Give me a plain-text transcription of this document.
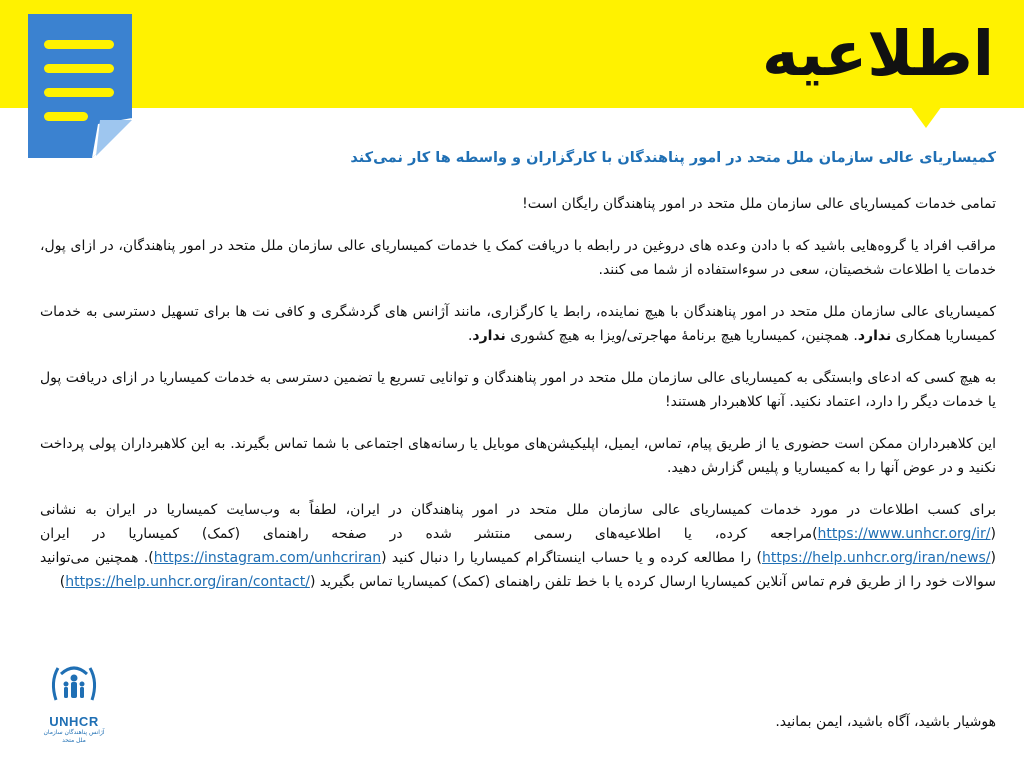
اطلاعیه

کمیساریای عالی سازمان ملل متحد در امور پناهندگان با کارگزاران و واسطه ها کار نمی‌کند

تمامی خدمات کمیساریای عالی سازمان ملل متحد در امور پناهندگان رایگان است!

مراقب افراد یا گروه‌هایی باشید که با دادن وعده های دروغین در رابطه با دریافت کمک یا خدمات کمیساریای عالی سازمان ملل متحد در امور پناهندگان، در ازای پول، خدمات یا اطلاعات شخصیتان، سعی در سوءاستفاده از شما می کنند.

کمیساریای عالی سازمان ملل متحد در امور پناهندگان با هیچ نماینده، رابط یا کارگزاری، مانند آژانس های گردشگری و کافی نت ها برای تسهیل دسترسی به خدمات کمیساریا همکاری ندارد. همچنین، کمیساریا هیچ برنامهٔ مهاجرتی/ویزا به هیچ کشوری ندارد.

به هیچ کسی که ادعای وابستگی به کمیساریای عالی سازمان ملل متحد در امور پناهندگان و توانایی تسریع یا تضمین دسترسی به خدمات کمیساریا در ازای دریافت پول یا خدمات دیگر را دارد، اعتماد نکنید. آنها کلاهبردار هستند!

این کلاهبرداران ممکن است حضوری یا از طریق پیام، تماس، ایمیل، اپلیکیشن‌های موبایل یا رسانه‌های اجتماعی با شما تماس بگیرند. به این کلاهبرداران پولی پرداخت نکنید و در عوض آنها را به کمیساریا و پلیس گزارش دهید.

برای کسب اطلاعات در مورد خدمات کمیساریای عالی سازمان ملل متحد در امور پناهندگان در ایران، لطفاً به وب‌سایت کمیساریا در ایران به نشانی (https://www.unhcr.org/ir/)مراجعه کرده، یا اطلاعیه‌های رسمی منتشر شده در صفحه راهنمای (کمک) کمیساریا در ایران (https://help.unhcr.org/iran/news/) را مطالعه کرده و یا حساب اینستاگرام کمیساریا را دنبال کنید (https://instagram.com/unhcriran). همچنین می‌توانید سوالات خود را از طریق فرم تماس آنلاین کمیساریا ارسال کرده یا با خط تلفن راهنمای (کمک) کمیساریا تماس بگیرید (https://help.unhcr.org/iran/contact/)

UNHCR
آژانس پناهندگان سازمان ملل متحد
هوشیار باشید، آگاه باشید، ایمن بمانید.
